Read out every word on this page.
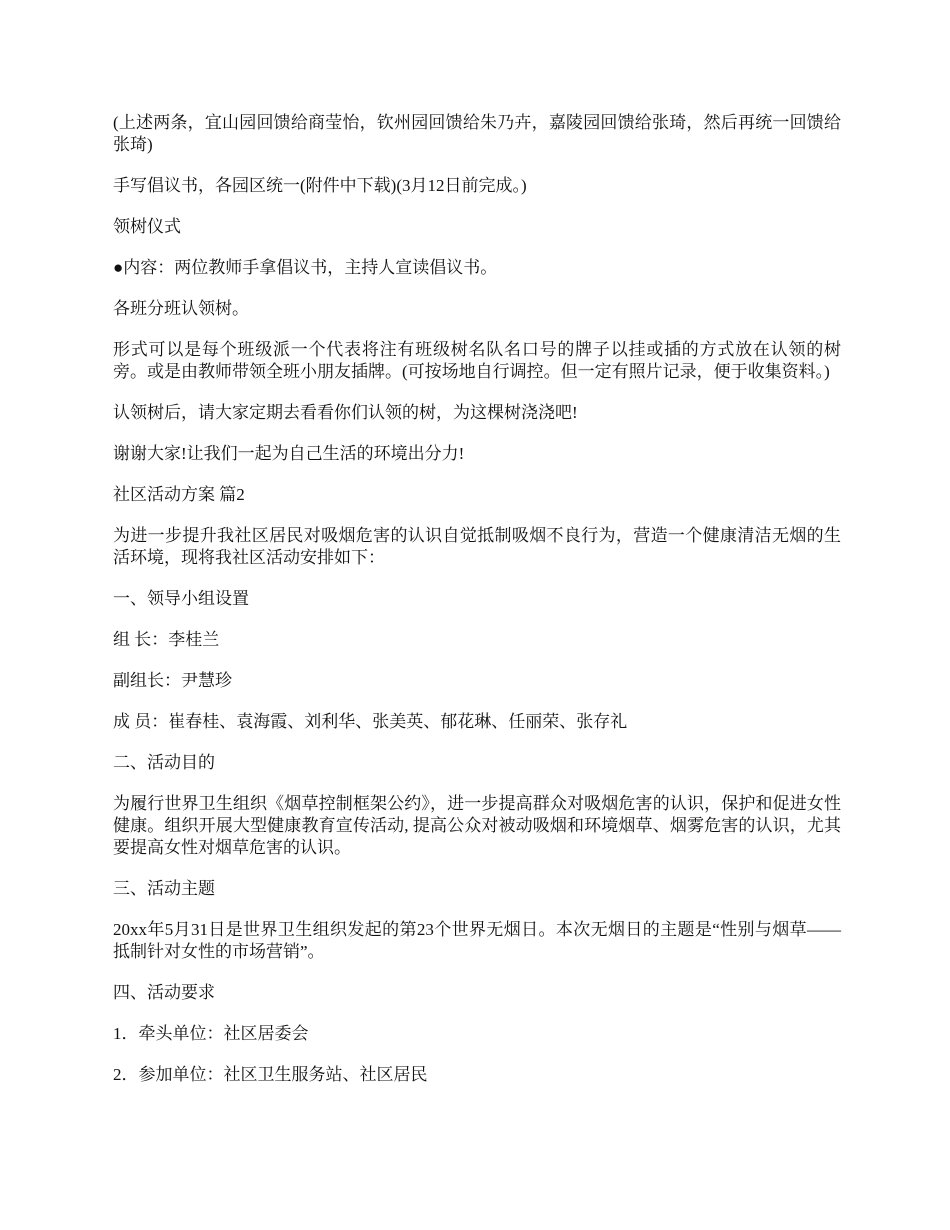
(上述两条，宜山园回馈给商莹怡，钦州园回馈给朱乃卉，嘉陵园回馈给张琦，然后再统一回馈给张琦)

手写倡议书，各园区统一(附件中下载)(3月12日前完成。)

领树仪式

●内容：两位教师手拿倡议书，主持人宣读倡议书。

各班分班认领树。

形式可以是每个班级派一个代表将注有班级树名队名口号的牌子以挂或插的方式放在认领的树旁。或是由教师带领全班小朋友插牌。(可按场地自行调控。但一定有照片记录，便于收集资料。)

认领树后，请大家定期去看看你们认领的树，为这棵树浇浇吧!

谢谢大家!让我们一起为自己生活的环境出分力!

社区活动方案 篇2

为进一步提升我社区居民对吸烟危害的认识自觉抵制吸烟不良行为，营造一个健康清洁无烟的生活环境，现将我社区活动安排如下：

一、领导小组设置

组 长：李桂兰

副组长：尹慧珍

成 员：崔春桂、袁海霞、刘利华、张美英、郁花琳、任丽荣、张存礼

二、活动目的

为履行世界卫生组织《烟草控制框架公约》，进一步提高群众对吸烟危害的认识，保护和促进女性健康。组织开展大型健康教育宣传活动, 提高公众对被动吸烟和环境烟草、烟雾危害的认识，尤其要提高女性对烟草危害的认识。

三、活动主题

20xx年5月31日是世界卫生组织发起的第23个世界无烟日。本次无烟日的主题是“性别与烟草——抵制针对女性的市场营销”。

四、活动要求

1．牵头单位：社区居委会

2．参加单位：社区卫生服务站、社区居民
